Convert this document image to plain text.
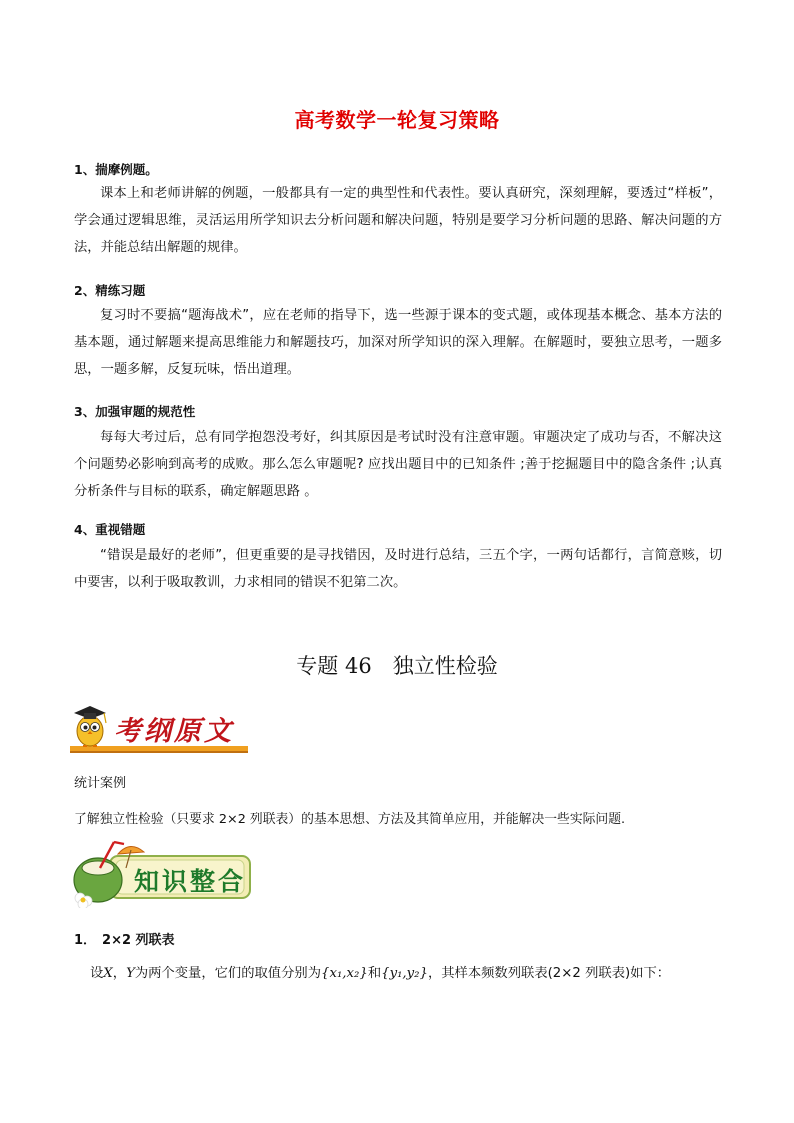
高考数学一轮复习策略
1、揣摩例题。
课本上和老师讲解的例题，一般都具有一定的典型性和代表性。要认真研究，深刻理解，要透过“样板”，学会通过逻辑思维，灵活运用所学知识去分析问题和解决问题，特别是要学习分析问题的思路、解决问题的方法，并能总结出解题的规律。
2、精练习题
复习时不要搞“题海战术”，应在老师的指导下，选一些源于课本的变式题，或体现基本概念、基本方法的基本题，通过解题来提高思维能力和解题技巧，加深对所学知识的深入理解。在解题时，要独立思考，一题多思，一题多解，反复玩味，悟出道理。
3、加强审题的规范性
每每大考过后，总有同学抱怨没考好，纠其原因是考试时没有注意审题。审题决定了成功与否，不解决这个问题势必影响到高考的成败。那么怎么审题呢? 应找出题目中的已知条件 ;善于挖掘题目中的隐含条件 ;认真分析条件与目标的联系，确定解题思路 。
4、重视错题
“错误是最好的老师”，但更重要的是寻找错因，及时进行总结，三五个字，一两句话都行，言简意赅，切中要害，以利于吸取教训，力求相同的错误不犯第二次。
专题 46　独立性检验
考纲原文
统计案例
了解独立性检验（只要求 2×2 列联表）的基本思想、方法及其简单应用，并能解决一些实际问题.
知识整合
1． 2×2 列联表
设X，Y为两个变量，它们的取值分别为{x₁,x₂}和{y₁,y₂}，其样本频数列联表(2×2 列联表)如下：
